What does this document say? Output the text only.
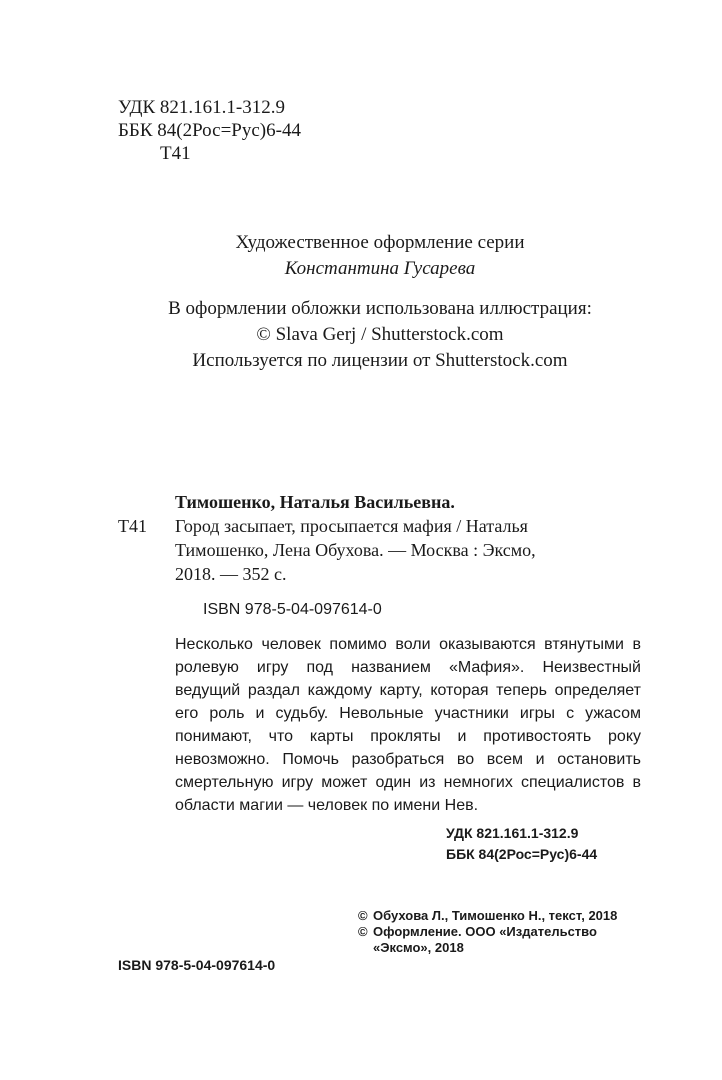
УДК 821.161.1-312.9
ББК 84(2Рос=Рус)6-44
Т41
Художественное оформление серии
Константина Гусарева
В оформлении обложки использована иллюстрация:
© Slava Gerj / Shutterstock.com
Используется по лицензии от Shutterstock.com
Тимошенко, Наталья Васильевна.
Т41 Город засыпает, просыпается мафия / Наталья
Тимошенко, Лена Обухова. — Москва : Эксмо,
2018. — 352 с.
ISBN 978-5-04-097614-0
Несколько человек помимо воли оказываются втянутыми в ролевую игру под названием «Мафия». Неизвестный ведущий раздал каждому карту, которая теперь определяет его роль и судьбу. Невольные участники игры с ужасом понимают, что карты прокляты и противостоять року невозможно. Помочь разобраться во всем и остановить смертельную игру может один из немногих специалистов в области магии — человек по имени Нев.
УДК 821.161.1-312.9
ББК 84(2Рос=Рус)6-44
© Обухова Л., Тимошенко Н., текст, 2018
© Оформление. ООО «Издательство «Эксмо», 2018
ISBN 978-5-04-097614-0
